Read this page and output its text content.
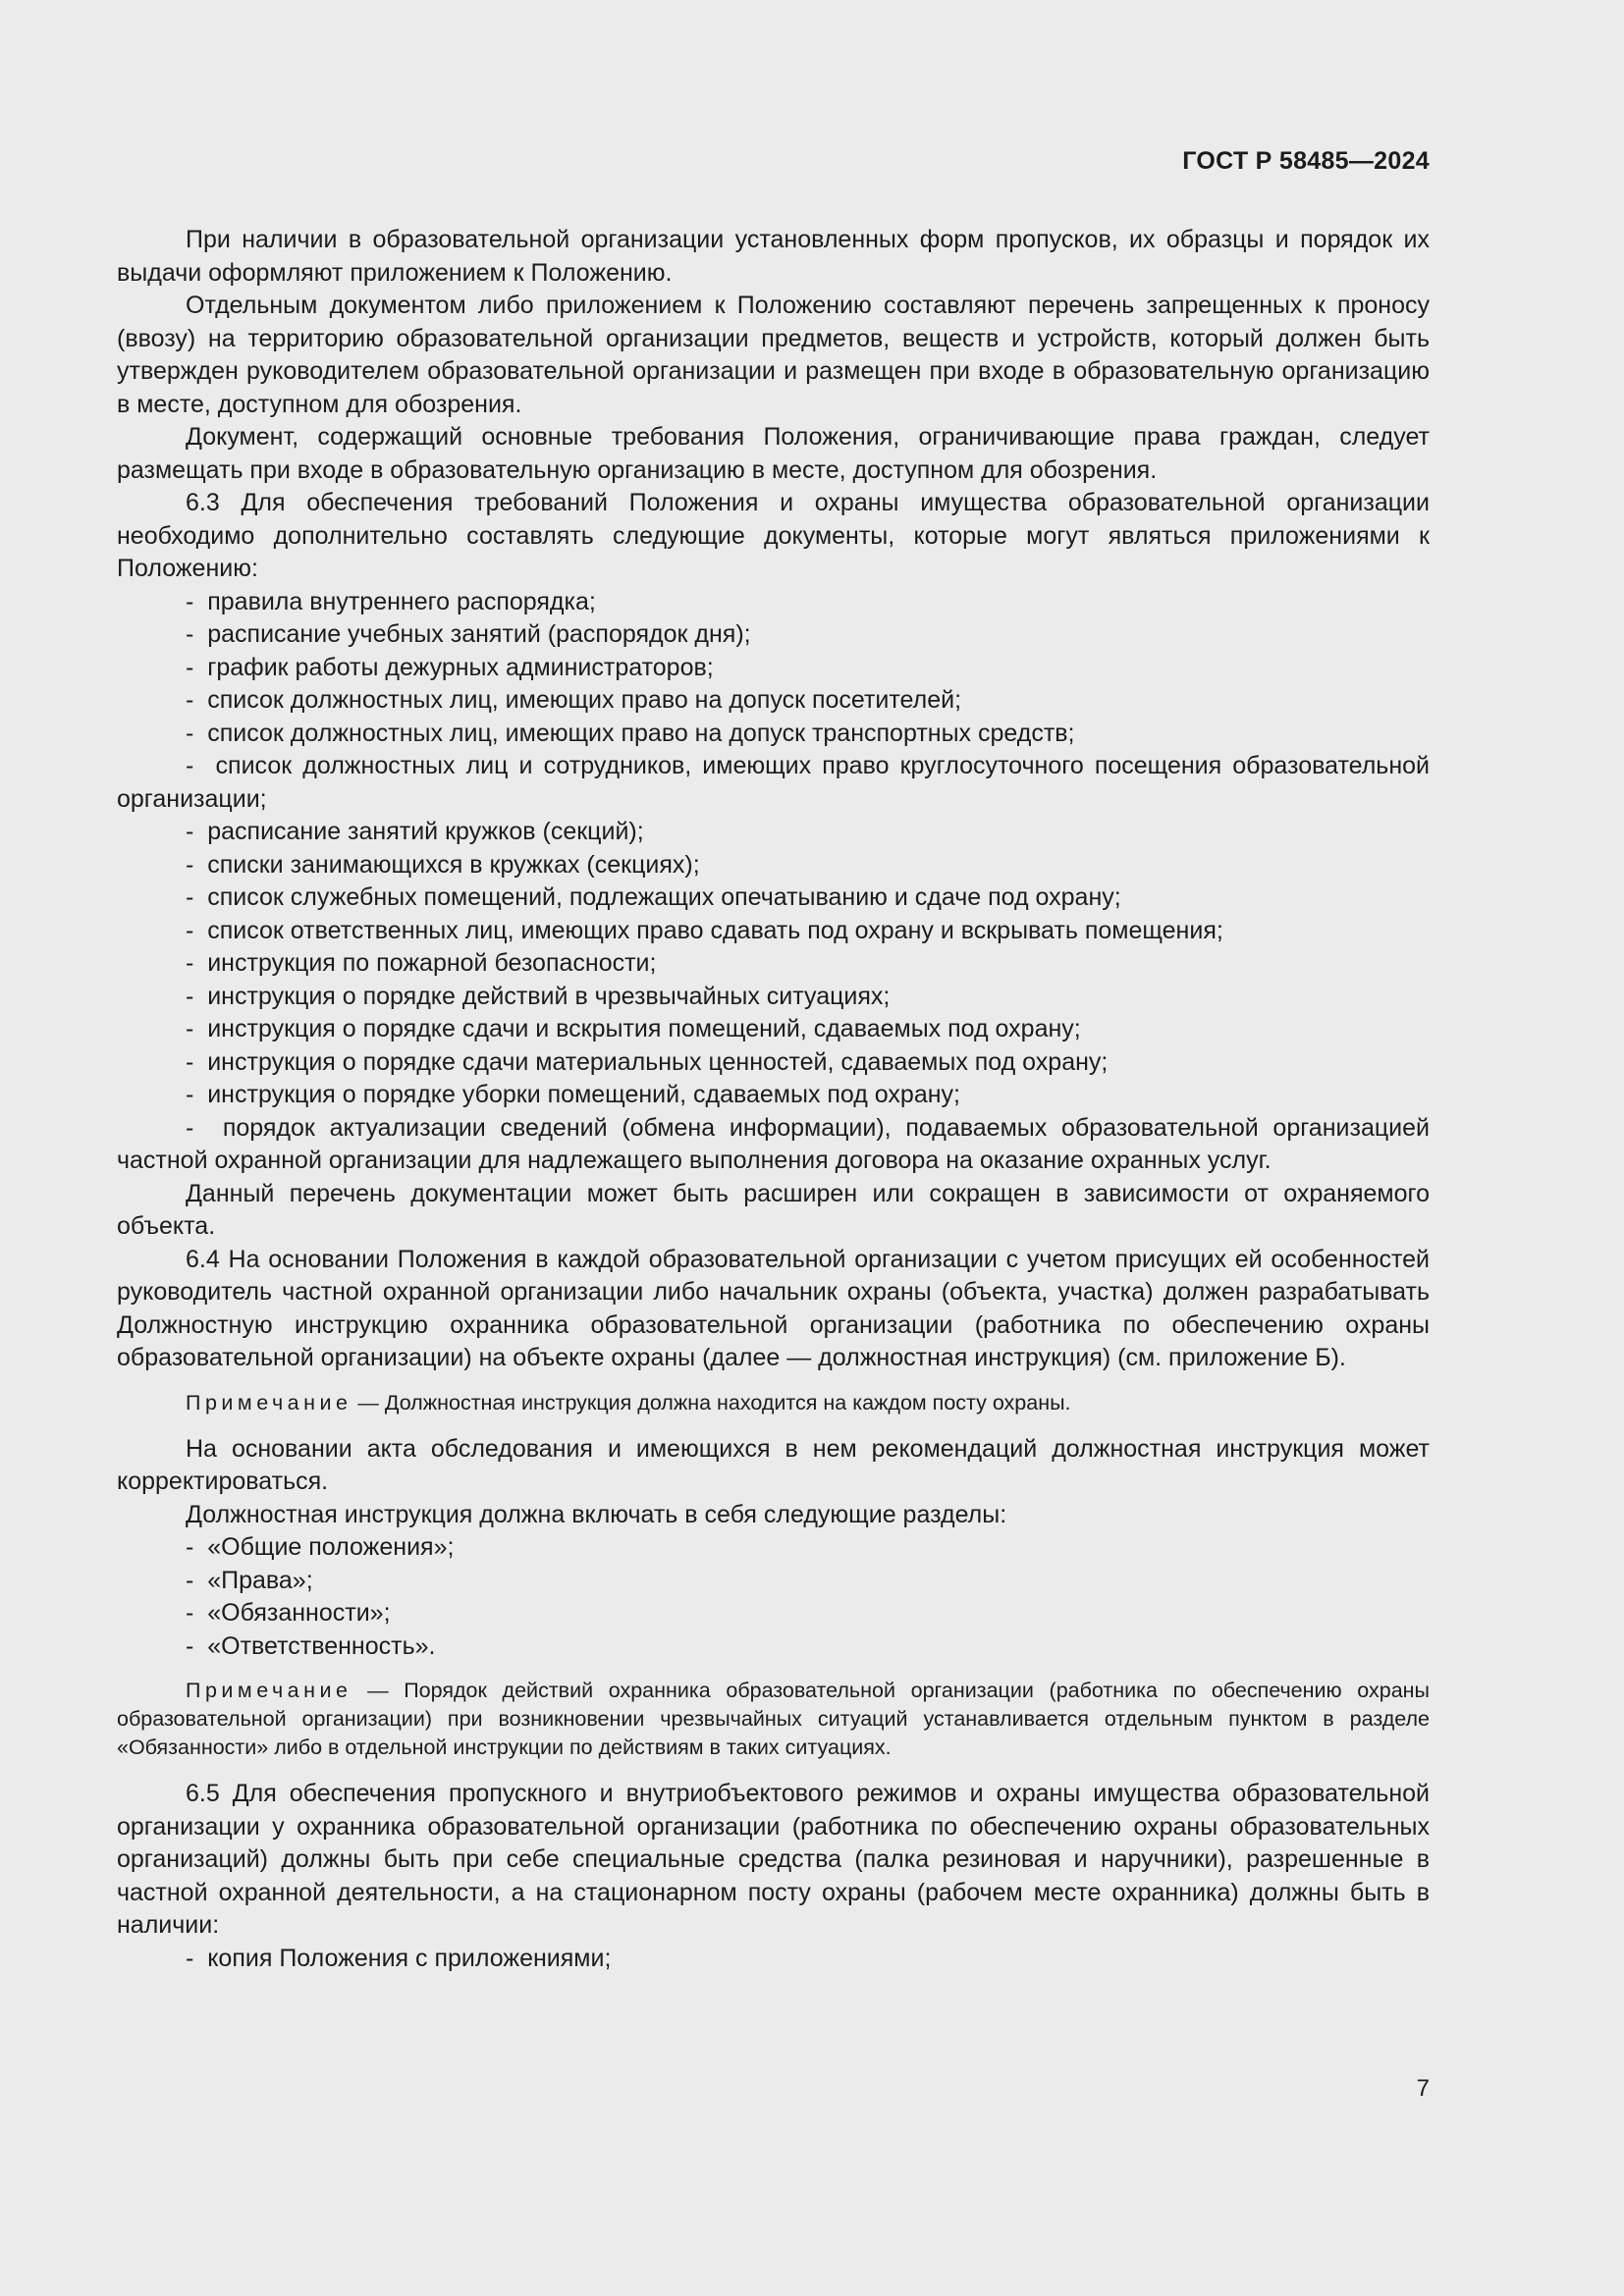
ГОСТ Р 58485—2024

При наличии в образовательной организации установленных форм пропусков, их образцы и порядок их выдачи оформляют приложением к Положению.

Отдельным документом либо приложением к Положению составляют перечень запрещенных к проносу (ввозу) на территорию образовательной организации предметов, веществ и устройств, который должен быть утвержден руководителем образовательной организации и размещен при входе в образовательную организацию в месте, доступном для обозрения.

Документ, содержащий основные требования Положения, ограничивающие права граждан, следует размещать при входе в образовательную организацию в месте, доступном для обозрения.

6.3 Для обеспечения требований Положения и охраны имущества образовательной организации необходимо дополнительно составлять следующие документы, которые могут являться приложениями к Положению:

-  правила внутреннего распорядка;
-  расписание учебных занятий (распорядок дня);
-  график работы дежурных администраторов;
-  список должностных лиц, имеющих право на допуск посетителей;
-  список должностных лиц, имеющих право на допуск транспортных средств;
-  список должностных лиц и сотрудников, имеющих право круглосуточного посещения образовательной организации;
-  расписание занятий кружков (секций);
-  списки занимающихся в кружках (секциях);
-  список служебных помещений, подлежащих опечатыванию и сдаче под охрану;
-  список ответственных лиц, имеющих право сдавать под охрану и вскрывать помещения;
-  инструкция по пожарной безопасности;
-  инструкция о порядке действий в чрезвычайных ситуациях;
-  инструкция о порядке сдачи и вскрытия помещений, сдаваемых под охрану;
-  инструкция о порядке сдачи материальных ценностей, сдаваемых под охрану;
-  инструкция о порядке уборки помещений, сдаваемых под охрану;
-  порядок актуализации сведений (обмена информации), подаваемых образовательной организацией частной охранной организации для надлежащего выполнения договора на оказание охранных услуг.

Данный перечень документации может быть расширен или сокращен в зависимости от охраняемого объекта.

6.4 На основании Положения в каждой образовательной организации с учетом присущих ей особенностей руководитель частной охранной организации либо начальник охраны (объекта, участка) должен разрабатывать Должностную инструкцию охранника образовательной организации (работника по обеспечению охраны образовательной организации) на объекте охраны (далее — должностная инструкция) (см. приложение Б).

Примечание — Должностная инструкция должна находится на каждом посту охраны.

На основании акта обследования и имеющихся в нем рекомендаций должностная инструкция может корректироваться.

Должностная инструкция должна включать в себя следующие разделы:

-  «Общие положения»;
-  «Права»;
-  «Обязанности»;
-  «Ответственность».
Примечание — Порядок действий охранника образовательной организации (работника по обеспечению охраны образовательной организации) при возникновении чрезвычайных ситуаций устанавливается отдельным пунктом в разделе «Обязанности» либо в отдельной инструкции по действиям в таких ситуациях.

6.5 Для обеспечения пропускного и внутриобъектового режимов и охраны имущества образовательной организации у охранника образовательной организации (работника по обеспечению охраны образовательных организаций) должны быть при себе специальные средства (палка резиновая и наручники), разрешенные в частной охранной деятельности, а на стационарном посту охраны (рабочем месте охранника) должны быть в наличии:

-  копия Положения с приложениями;
7
